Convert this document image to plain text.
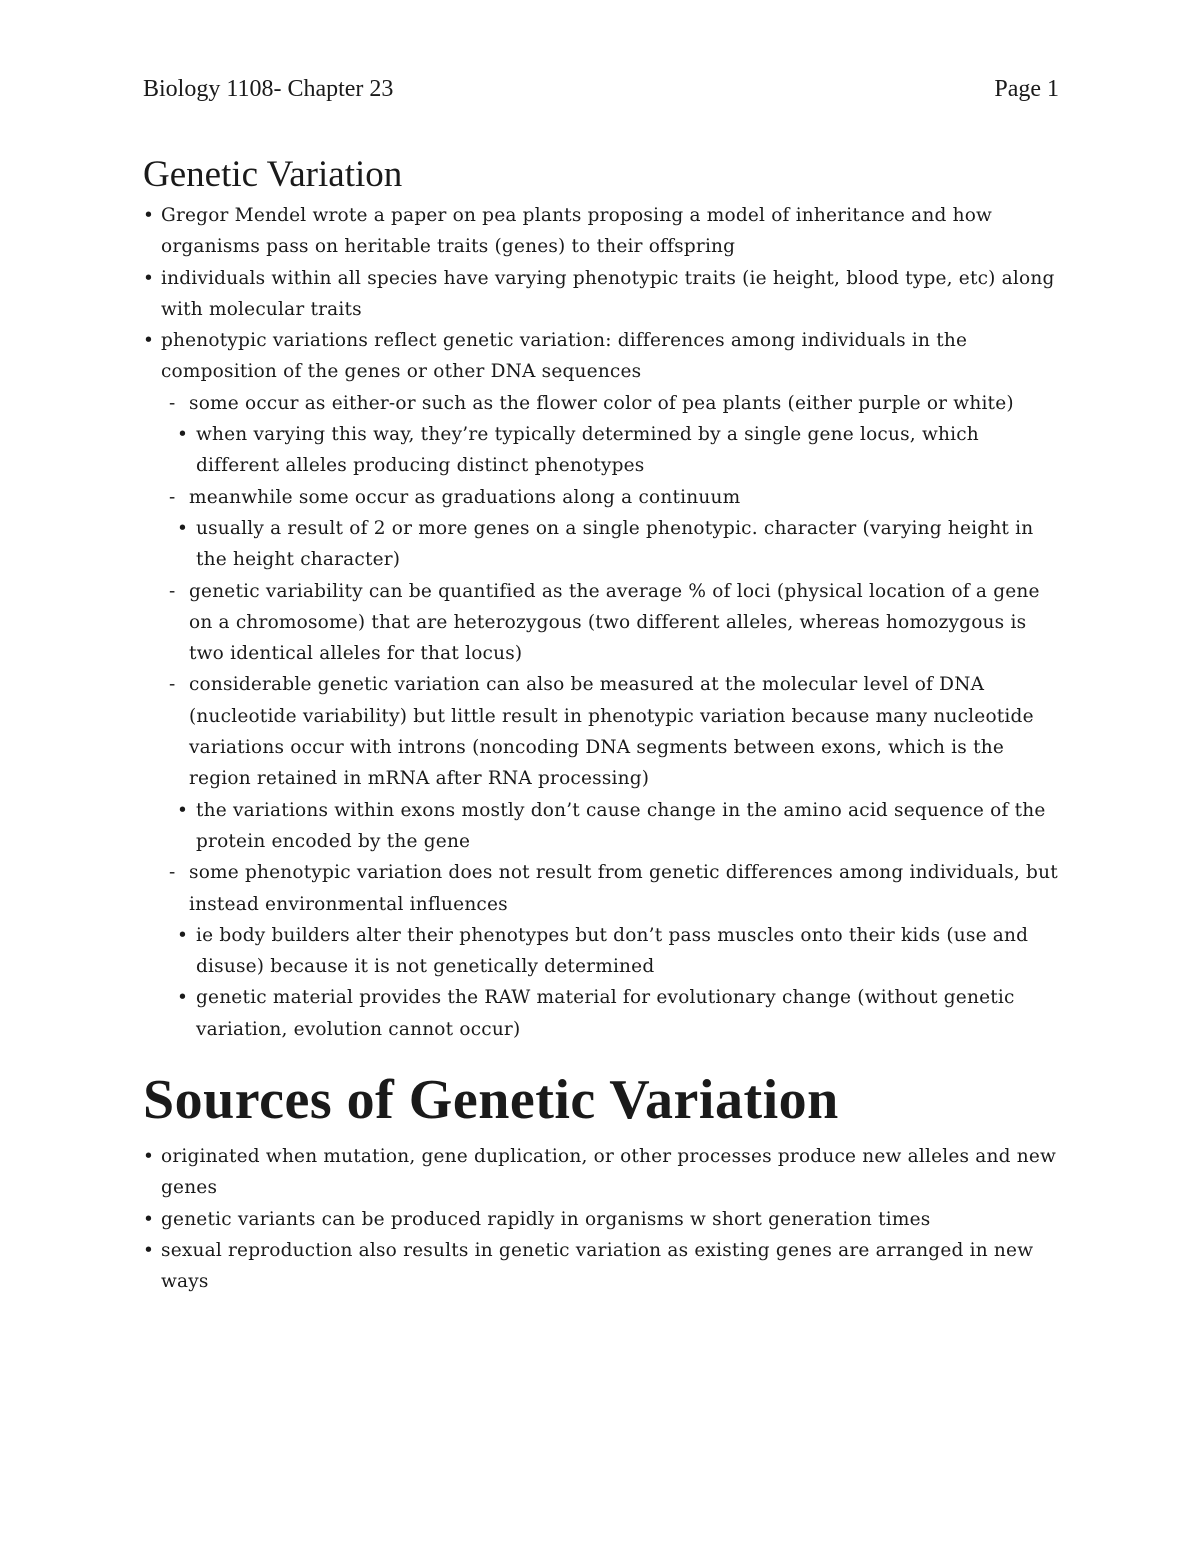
Biology 1108- Chapter 23	Page 1
Genetic Variation
• Gregor Mendel wrote a paper on pea plants proposing a model of inheritance and how organisms pass on heritable traits (genes) to their offspring
• individuals within all species have varying phenotypic traits (ie height, blood type, etc) along with molecular traits
• phenotypic variations reflect genetic variation: differences among individuals in the composition of the genes or other DNA sequences
- some occur as either-or such as the flower color of pea plants (either purple or white)
• when varying this way, they’re typically determined by a single gene locus, which different alleles producing distinct phenotypes
- meanwhile some occur as graduations along a continuum
• usually a result of 2 or more genes on a single phenotypic. character (varying height in the height character)
- genetic variability can be quantified as the average % of loci (physical location of a gene on a chromosome) that are heterozygous (two different alleles, whereas homozygous is two identical alleles for that locus)
- considerable genetic variation can also be measured at the molecular level of DNA (nucleotide variability) but little result in phenotypic variation because many nucleotide variations occur with introns (noncoding DNA segments between exons, which is the region retained in mRNA after RNA processing)
• the variations within exons mostly don’t cause change in the amino acid sequence of the protein encoded by the gene
- some phenotypic variation does not result from genetic differences among individuals, but instead environmental influences
• ie body builders alter their phenotypes but don’t pass muscles onto their kids (use and disuse) because it is not genetically determined
• genetic material provides the RAW material for evolutionary change (without genetic variation, evolution cannot occur)
Sources of Genetic Variation
• originated when mutation, gene duplication, or other processes produce new alleles and new genes
• genetic variants can be produced rapidly in organisms w short generation times
• sexual reproduction also results in genetic variation as existing genes are arranged in new ways
